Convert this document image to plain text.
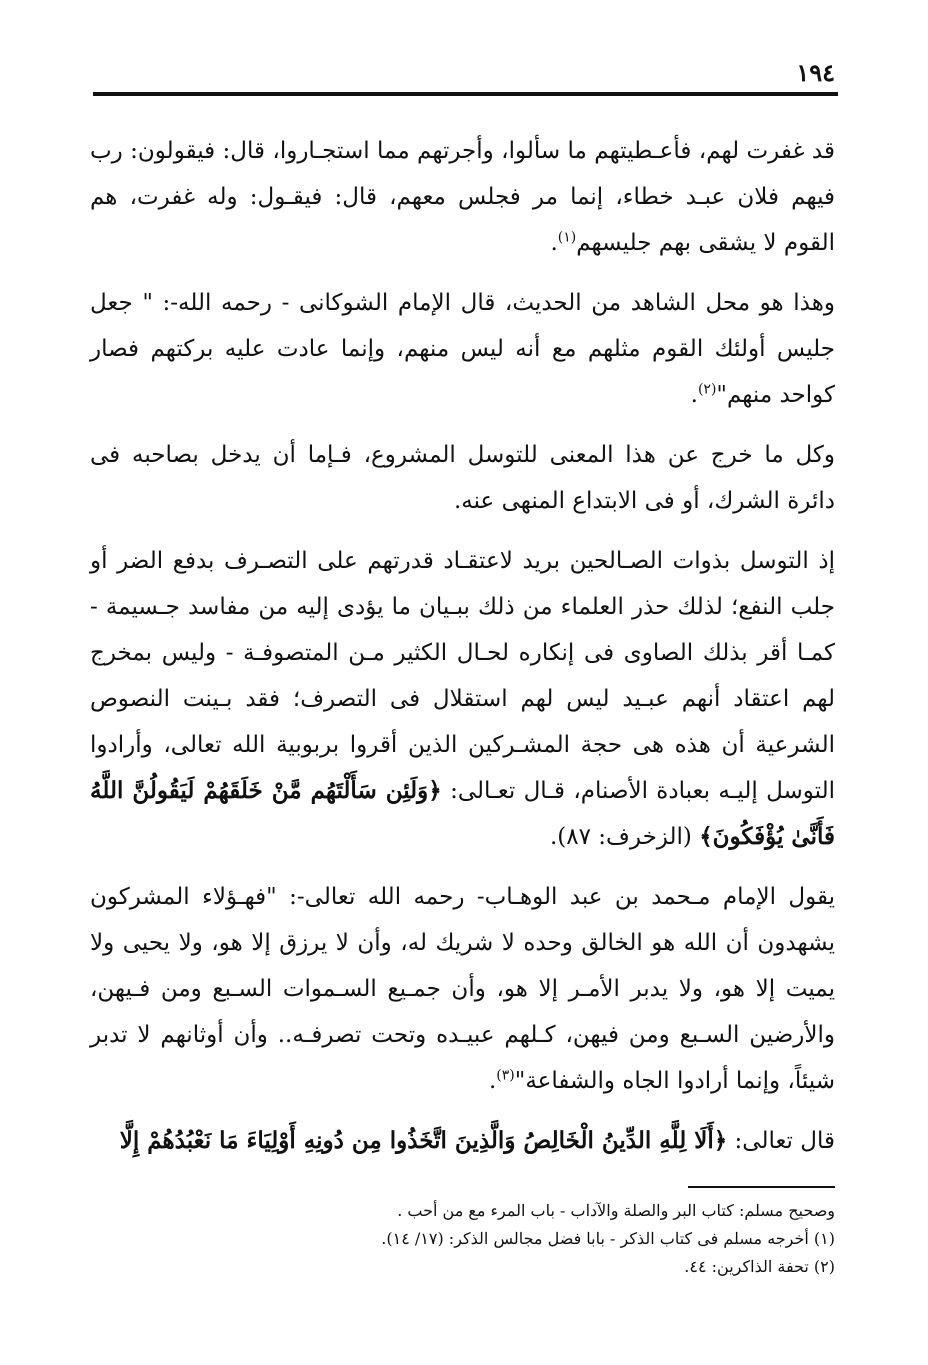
١٩٤

قد غفرت لهم، فأعـطيتهم ما سألوا، وأجرتهم مما استجـاروا، قال: فيقولون: رب فيهم فلان عبـد خطاء، إنما مر فجلس معهم، قال: فيقـول: وله غفرت، هم القوم لا يشقى بهم جليسهم$^{(١)}$.

وهذا هو محل الشاهد من الحديث، قال الإمام الشوكانى - رحمه الله-: " جعل جليس أولئك القوم مثلهم مع أنه ليس منهم، وإنما عادت عليه بركتهم فصار كواحد منهم"$^{(٢)}$.

وكل ما خرج عن هذا المعنى للتوسل المشروع، فـإما أن يدخل بصاحبه فى دائرة الشرك، أو فى الابتداع المنهى عنه.

إذ التوسل بذوات الصـالحين بريد لاعتقـاد قدرتهم على التصـرف بدفع الضر أو جلب النفع؛ لذلك حذر العلماء من ذلك ببـيان ما يؤدى إليه من مفاسد جـسيمة - كمـا أقر بذلك الصاوى فى إنكاره لحـال الكثير مـن المتصوفـة - وليس بمخرج لهم اعتقاد أنهم عبـيد ليس لهم استقلال فى التصرف؛ فقد بـينت النصوص الشرعية أن هذه هى حجة المشـركين الذين أقروا بربوبية الله تعالى، وأرادوا التوسل إليـه بعبادة الأصنام، قـال تعـالى: ﴿وَلَئِن سَأَلْتَهُم مَّنْ خَلَقَهُمْ لَيَقُولُنَّ اللَّهُ فَأَنَّىٰ يُؤْفَكُونَ﴾ (الزخرف: ٨٧).

يقول الإمام مـحمد بن عبد الوهـاب- رحمه الله تعالى-: "فهـؤلاء المشركون يشهدون أن الله هو الخالق وحده لا شريك له، وأن لا يرزق إلا هو، ولا يحيى ولا يميت إلا هو، ولا يدبر الأمـر إلا هو، وأن جمـيع السـموات السـبع ومن فـيهن، والأرضين السـبع ومن فيهن، كـلهم عبيـده وتحت تصرفـه.. وأن أوثانهم لا تدبر شيئاً، وإنما أرادوا الجاه والشفاعة"$^{(٣)}$.

قال تعالى: ﴿أَلَا لِلَّهِ الدِّينُ الْخَالِصُ وَالَّذِينَ اتَّخَذُوا مِن دُونِهِ أَوْلِيَاءَ مَا نَعْبُدُهُمْ إِلَّا

وصحيح مسلم: كتاب البر والصلة والآداب - باب المرء مع من أحب .

(١) أخرجه مسلم فى كتاب الذكر - بابا فضل مجالس الذكر: (١٧/ ١٤).

(٢) تحفة الذاكرين: ٤٤.
